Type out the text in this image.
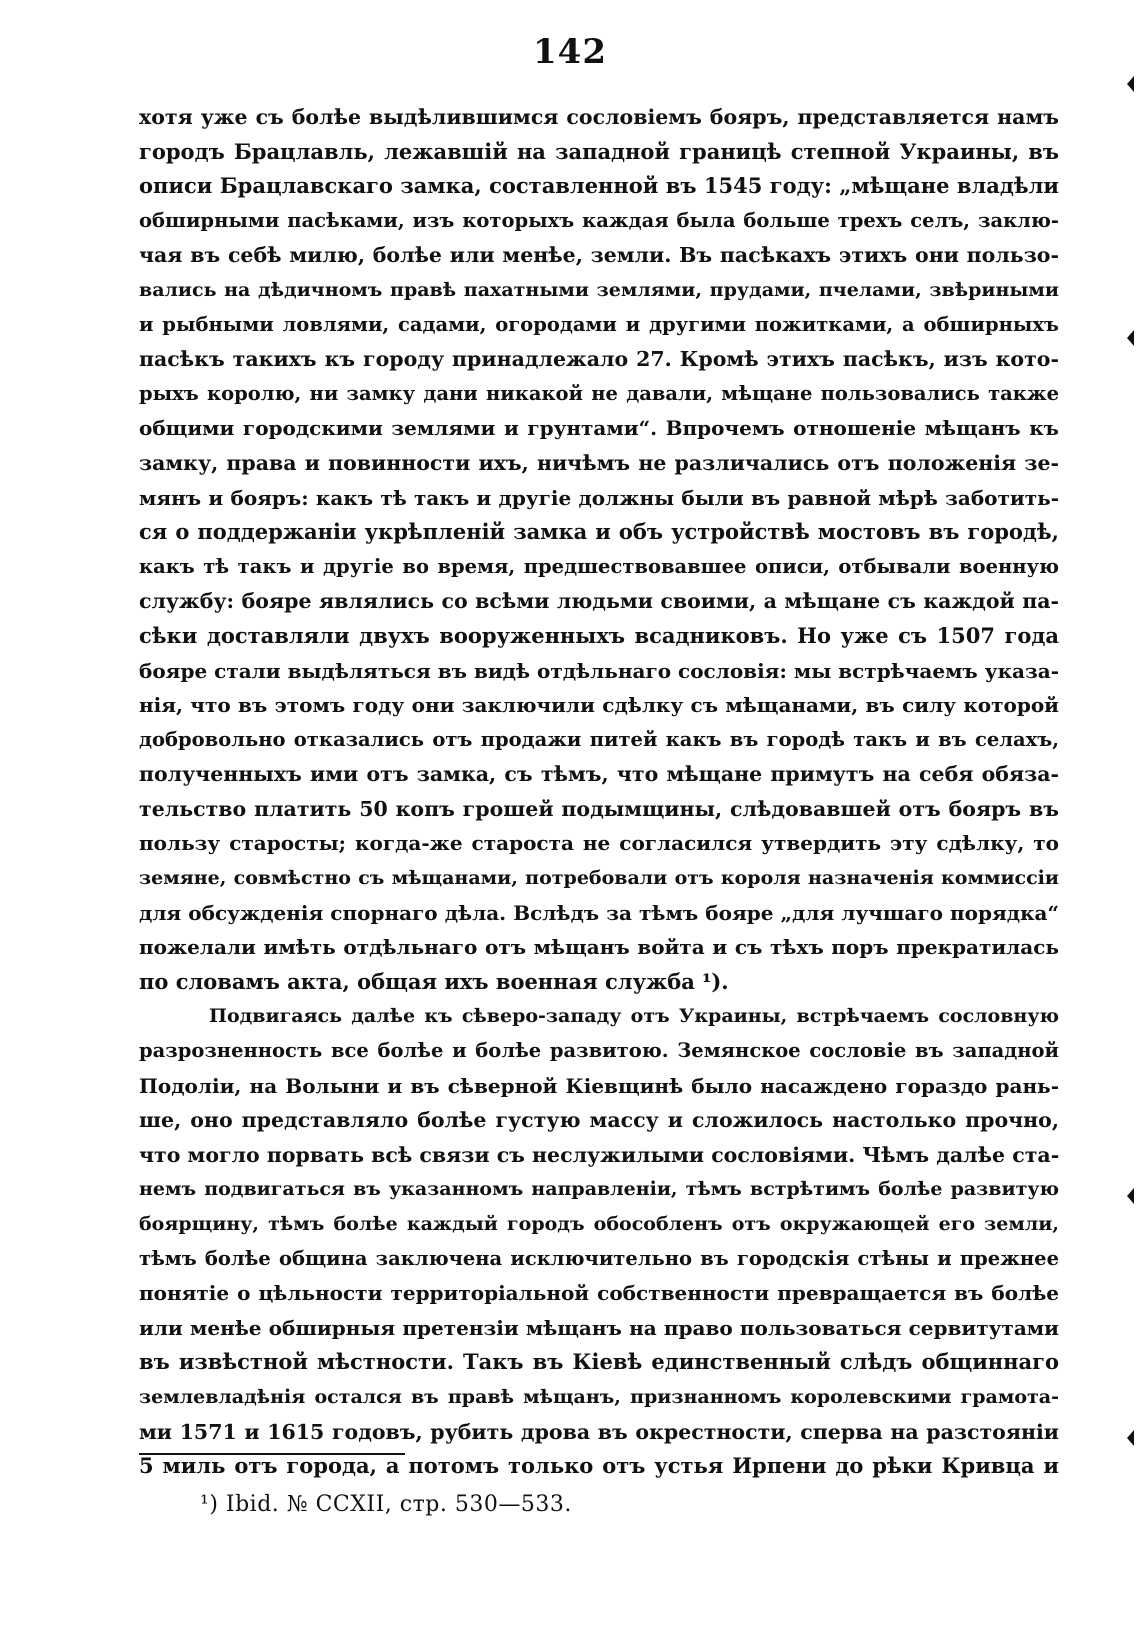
142
хотя уже съ болѣе выдѣлившимся сословіемъ бояръ, представляется намъ
городъ Брацлавль, лежавшій на западной границѣ степной Украины, въ
описи Брацлавскаго замка, составленной въ 1545 году: „мѣщане владѣли
обширными пасѣками, изъ которыхъ каждая была больше трехъ селъ, заклю-
чая въ себѣ милю, болѣе или менѣе, земли. Въ пасѣкахъ этихъ они пользо-
вались на дѣдичномъ правѣ пахатными землями, прудами, пчелами, звѣриными
и рыбными ловлями, садами, огородами и другими пожитками, а обширныхъ
пасѣкъ такихъ къ городу принадлежало 27. Кромѣ этихъ пасѣкъ, изъ кото-
рыхъ королю, ни замку дани никакой не давали, мѣщане пользовались также
общими городскими землями и грунтами“. Впрочемъ отношеніе мѣщанъ къ
замку, права и повинности ихъ, ничѣмъ не различались отъ положенія зе-
мянъ и бояръ: какъ тѣ такъ и другіе должны были въ равной мѣрѣ заботить-
ся о поддержаніи укрѣпленій замка и объ устройствѣ мостовъ въ городѣ,
какъ тѣ такъ и другіе во время, предшествовавшее описи, отбывали военную
службу: бояре являлись со всѣми людьми своими, а мѣщане съ каждой па-
сѣки доставляли двухъ вооруженныхъ всадниковъ. Но уже съ 1507 года
бояре стали выдѣляться въ видѣ отдѣльнаго сословія: мы встрѣчаемъ указа-
нія, что въ этомъ году они заключили сдѣлку съ мѣщанами, въ силу которой
добровольно отказались отъ продажи питей какъ въ городѣ такъ и въ селахъ,
полученныхъ ими отъ замка, съ тѣмъ, что мѣщане примутъ на себя обяза-
тельство платить 50 копъ грошей подымщины, слѣдовавшей отъ бояръ въ
пользу старосты; когда-же староста не согласился утвердить эту сдѣлку, то
земяне, совмѣстно съ мѣщанами, потребовали отъ короля назначенія коммиссіи
для обсужденія спорнаго дѣла. Вслѣдъ за тѣмъ бояре „для лучшаго порядка“
пожелали имѣть отдѣльнаго отъ мѣщанъ войта и съ тѣхъ поръ прекратилась
по словамъ акта, общая ихъ военная служба ¹).
Подвигаясь далѣе къ сѣверо-западу отъ Украины, встрѣчаемъ сословную
разрозненность все болѣе и болѣе развитою. Земянское сословіе въ западной
Подоліи, на Волыни и въ сѣверной Кіевщинѣ было насаждено гораздо рань-
ше, оно представляло болѣе густую массу и сложилось настолько прочно,
что могло порвать всѣ связи съ неслужилыми сословіями. Чѣмъ далѣе ста-
немъ подвигаться въ указанномъ направленіи, тѣмъ встрѣтимъ болѣе развитую
боярщину, тѣмъ болѣе каждый городъ обособленъ отъ окружающей его земли,
тѣмъ болѣе община заключена исключительно въ городскія стѣны и прежнее
понятіе о цѣльности территоріальной собственности превращается въ болѣе
или менѣе обширныя претензіи мѣщанъ на право пользоваться сервитутами
въ извѣстной мѣстности. Такъ въ Кіевѣ единственный слѣдъ общиннаго
землевладѣнія остался въ правѣ мѣщанъ, признанномъ королевскими грамота-
ми 1571 и 1615 годовъ, рубить дрова въ окрестности, сперва на разстояніи
5 миль отъ города, а потомъ только отъ устья Ирпени до рѣки Кривца и
¹) Ibid. № CCXII, стр. 530—533.
